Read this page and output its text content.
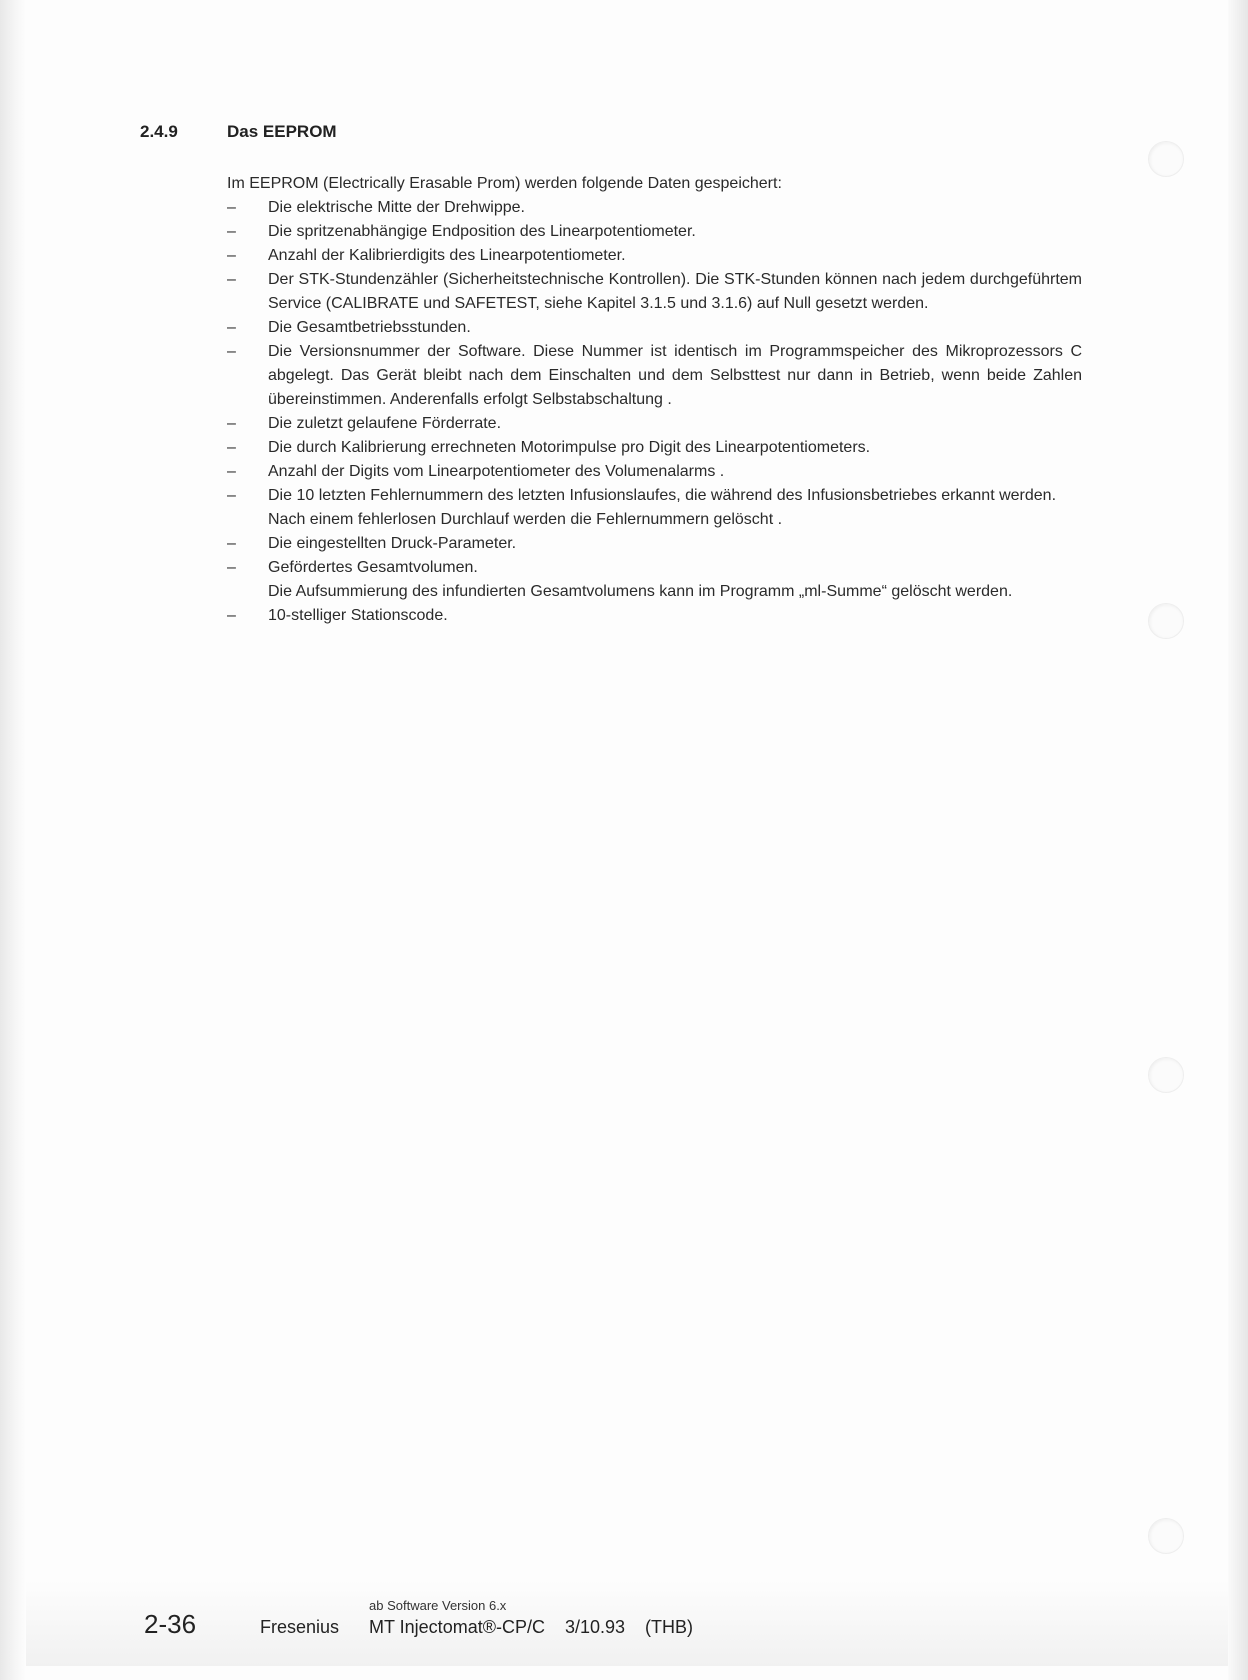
2.4.9	Das EEPROM
Im EEPROM (Electrically Erasable Prom) werden folgende Daten gespeichert:
–	Die elektrische Mitte der Drehwippe.
–	Die spritzenabhängige Endposition des Linearpotentiometer.
–	Anzahl der Kalibrierdigits des Linearpotentiometer.
–	Der STK-Stundenzähler (Sicherheitstechnische Kontrollen). Die STK-Stunden können nach jedem durchgeführtem Service (CALIBRATE und SAFETEST, siehe Kapitel 3.1.5 und 3.1.6) auf Null gesetzt werden.
–	Die Gesamtbetriebsstunden.
–	Die Versionsnummer der Software. Diese Nummer ist identisch im Programmspeicher des Mikroprozessors C abgelegt. Das Gerät bleibt nach dem Einschalten und dem Selbsttest nur dann in Betrieb, wenn beide Zahlen übereinstimmen. Anderenfalls erfolgt Selbstabschaltung .
–	Die zuletzt gelaufene Förderrate.
–	Die durch Kalibrierung errechneten Motorimpulse pro Digit des Linearpotentiometers.
–	Anzahl der Digits vom Linearpotentiometer des Volumenalarms .
–	Die 10 letzten Fehlernummern des letzten Infusionslaufes, die während des Infusionsbetriebes erkannt werden.
Nach einem fehlerlosen Durchlauf werden die Fehlernummern gelöscht .
–	Die eingestellten Druck-Parameter.
–	Gefördertes Gesamtvolumen.
Die Aufsummierung des infundierten Gesamtvolumens kann im Programm „ml-Summe“ gelöscht werden.
–	10-stelliger Stationscode.
ab Software Version 6.x
2-36	Fresenius MT Injectomat®-CP/C 3/10.93 (THB)
